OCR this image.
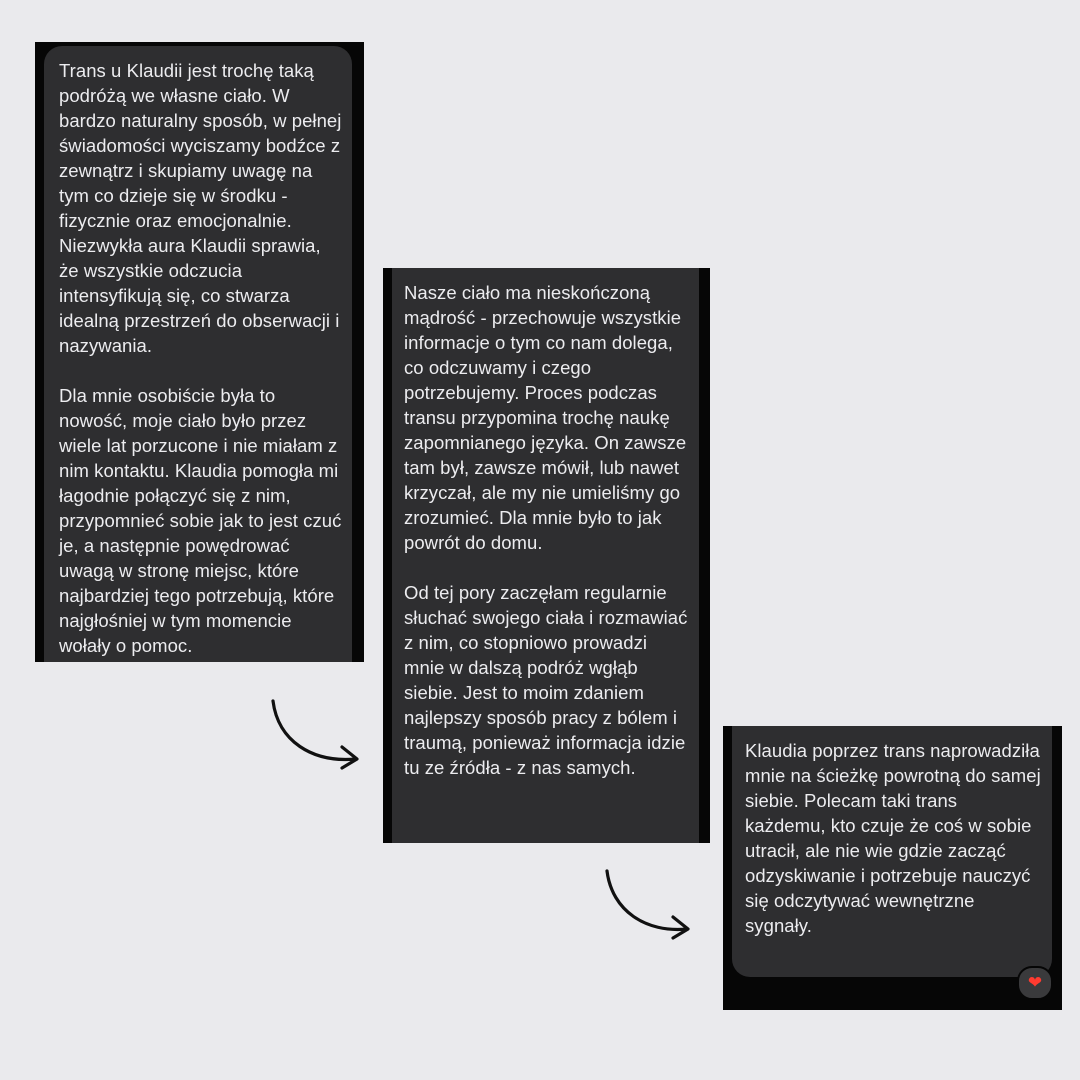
Trans u Klaudii jest trochę taką podróżą we własne ciało. W bardzo naturalny sposób, w pełnej świadomości wyciszamy bodźce z zewnątrz i skupiamy uwagę na tym co dzieje się w środku - fizycznie oraz emocjonalnie. Niezwykła aura Klaudii sprawia, że wszystkie odczucia intensyfikują się, co stwarza idealną przestrzeń do obserwacji i nazywania.

Dla mnie osobiście była to nowość, moje ciało było przez wiele lat porzucone i nie miałam z nim kontaktu. Klaudia pomogła mi łagodnie połączyć się z nim, przypomnieć sobie jak to jest czuć je, a następnie powędrować uwagą w stronę miejsc, które najbardziej tego potrzebują, które najgłośniej w tym momencie wołały o pomoc.

Nasze ciało ma nieskończoną mądrość - przechowuje wszystkie informacje o tym co nam dolega, co odczuwamy i czego potrzebujemy. Proces podczas transu przypomina trochę naukę zapomnianego języka. On zawsze tam był, zawsze mówił, lub nawet krzyczał, ale my nie umieliśmy go zrozumieć. Dla mnie było to jak powrót do domu.

Od tej pory zaczęłam regularnie słuchać swojego ciała i rozmawiać z nim, co stopniowo prowadzi mnie w dalszą podróż wgłąb siebie. Jest to moim zdaniem najlepszy sposób pracy z bólem i traumą, ponieważ informacja idzie tu ze źródła - z nas samych.

Klaudia poprzez trans naprowadziła mnie na ścieżkę powrotną do samej siebie. Polecam taki trans każdemu, kto czuje że coś w sobie utracił, ale nie wie gdzie zacząć odzyskiwanie i potrzebuje nauczyć się odczytywać wewnętrzne sygnały.

❤
